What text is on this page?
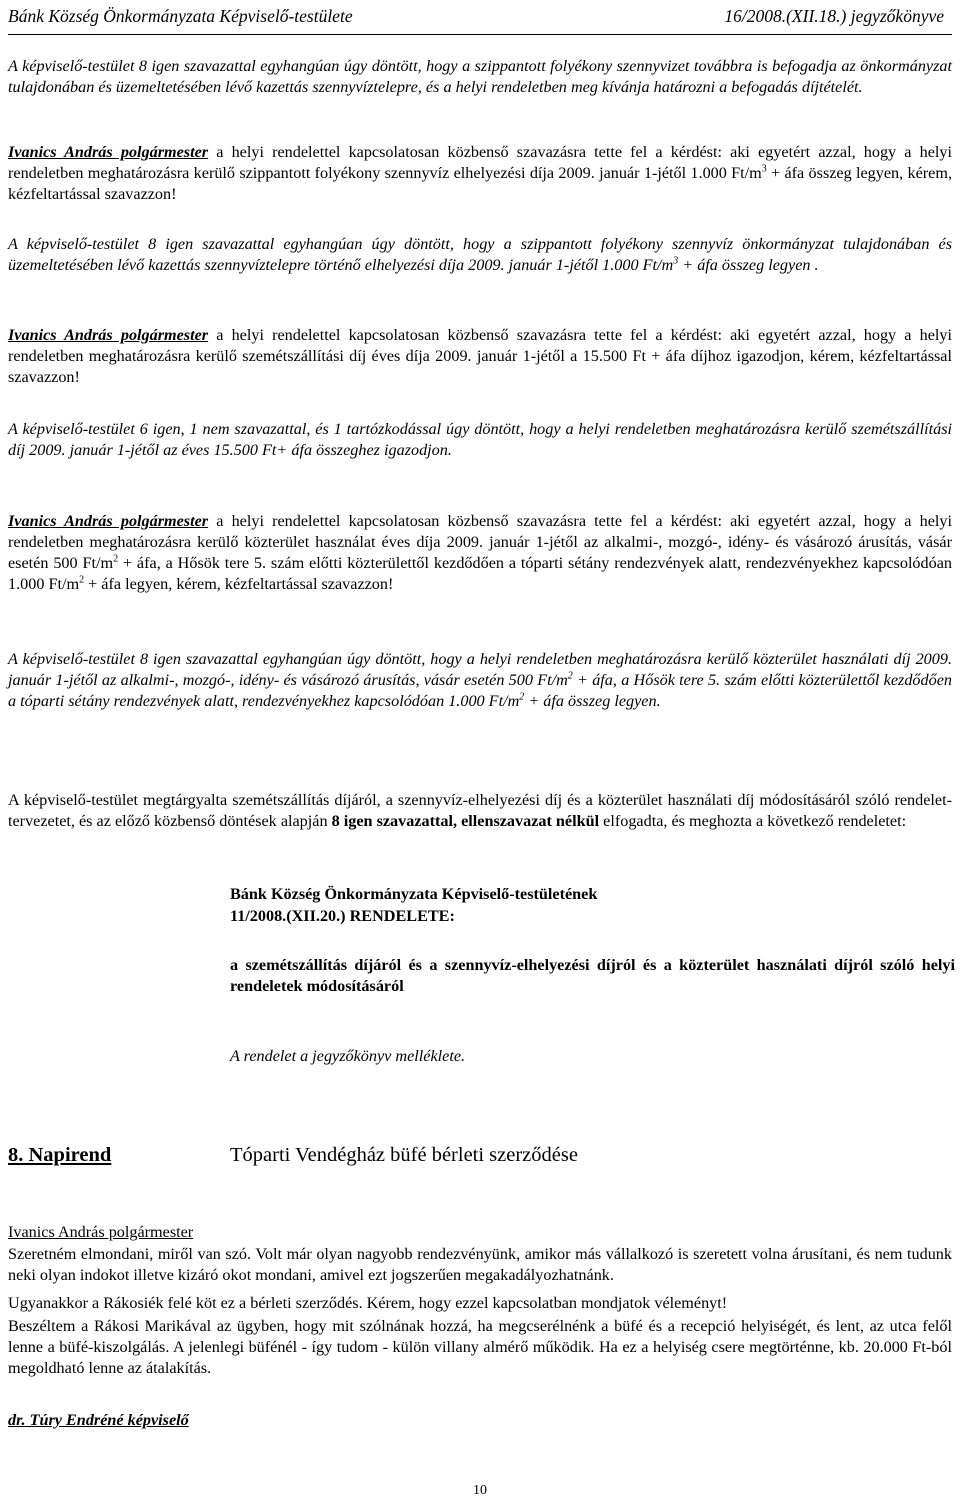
Bánk Község Önkormányzata Képviselő-testülete	16/2008.(XII.18.) jegyzőkönyve

A képviselő-testület 8 igen szavazattal egyhangúan úgy döntött, hogy a szippantott folyékony szennyvizet továbbra is befogadja az önkormányzat tulajdonában és üzemeltetésében lévő kazettás szennyvíztelepre, és a helyi rendeletben meg kívánja határozni a befogadás díjtételét.

Ivanics András polgármester a helyi rendelettel kapcsolatosan közbenső szavazásra tette fel a kérdést: aki egyetért azzal, hogy a helyi rendeletben meghatározásra kerülő szippantott folyékony szennyvíz elhelyezési díja 2009. január 1-jétől 1.000 $Ft/m^3$ + áfa összeg legyen, kérem, kézfeltartással szavazzon!

A képviselő-testület 8 igen szavazattal egyhangúan úgy döntött, hogy a szippantott folyékony szennyvíz önkormányzat tulajdonában és üzemeltetésében lévő kazettás szennyvíztelepre történő elhelyezési díja 2009. január 1-jétől 1.000 $Ft/m^3$ + áfa összeg legyen .

Ivanics András polgármester a helyi rendelettel kapcsolatosan közbenső szavazásra tette fel a kérdést: aki egyetért azzal, hogy a helyi rendeletben meghatározásra kerülő szemétszállítási díj éves díja 2009. január 1-jétől a 15.500 Ft + áfa díjhoz igazodjon, kérem, kézfeltartással szavazzon!

A képviselő-testület 6 igen, 1 nem szavazattal, és 1 tartózkodással úgy döntött, hogy a helyi rendeletben meghatározásra kerülő szemétszállítási díj 2009. január 1-jétől az éves 15.500 Ft+ áfa összeghez igazodjon.

Ivanics András polgármester a helyi rendelettel kapcsolatosan közbenső szavazásra tette fel a kérdést: aki egyetért azzal, hogy a helyi rendeletben meghatározásra kerülő közterület használat éves díja 2009. január 1-jétől az alkalmi-, mozgó-, idény- és vásározó árusítás, vásár esetén 500 $Ft/m^2$ + áfa, a Hősök tere 5. szám előtti közterülettől kezdődően a tóparti sétány rendezvények alatt, rendezvényekhez kapcsolódóan 1.000 $Ft/m^2$ + áfa legyen, kérem, kézfeltartással szavazzon!

A képviselő-testület 8 igen szavazattal egyhangúan úgy döntött, hogy a helyi rendeletben meghatározásra kerülő közterület használati díj 2009. január 1-jétől az alkalmi-, mozgó-, idény- és vásározó árusítás, vásár esetén 500 $Ft/m^2$ + áfa, a Hősök tere 5. szám előtti közterülettől kezdődően a tóparti sétány rendezvények alatt, rendezvényekhez kapcsolódóan 1.000 $Ft/m^2$ + áfa összeg legyen.

A képviselő-testület megtárgyalta szemétszállítás díjáról, a szennyvíz-elhelyezési díj és a közterület használati díj módosításáról szóló rendelet-tervezetet, és az előző közbenső döntések alapján 8 igen szavazattal, ellenszavazat nélkül elfogadta, és meghozta a következő rendeletet:

Bánk Község Önkormányzata Képviselő-testületének
11/2008.(XII.20.) RENDELETE:
a szemétszállítás díjáról és a szennyvíz-elhelyezési díjról és a közterület használati díjról szóló helyi rendeletek módosításáról
A rendelet a jegyzőkönyv melléklete.
8. Napirend	Tóparti Vendégház büfé bérleti szerződése
Ivanics András polgármester
Szeretném elmondani, miről van szó. Volt már olyan nagyobb rendezvényünk, amikor más vállalkozó is szeretett volna árusítani, és nem tudunk neki olyan indokot illetve kizáró okot mondani, amivel ezt jogszerűen megakadályozhatnánk.
Ugyanakkor a Rákosiék felé köt ez a bérleti szerződés. Kérem, hogy ezzel kapcsolatban mondjatok véleményt!
Beszéltem a Rákosi Marikával az ügyben, hogy mit szólnának hozzá, ha megcserélnénk a büfé és a recepció helyiségét, és lent, az utca felől lenne a büfé-kiszolgálás. A jelenlegi büfénél - így tudom - külön villany almérő működik. Ha ez a helyiség csere megtörténne, kb. 20.000 Ft-ból megoldható lenne az átalakítás.
dr. Túry Endréné képviselő
10
